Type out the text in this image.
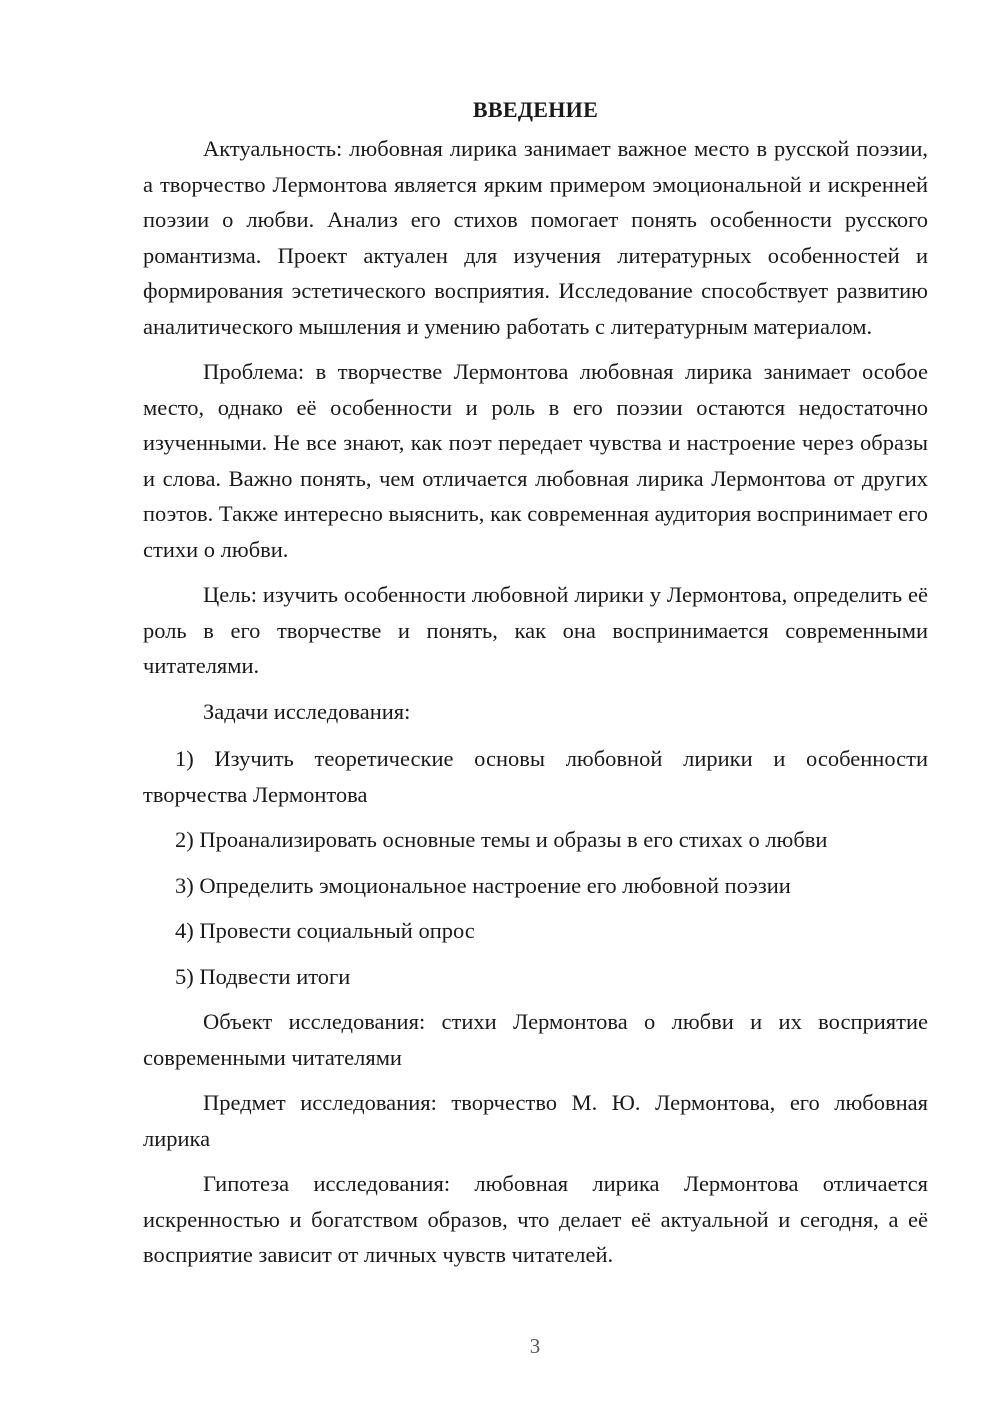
ВВЕДЕНИЕ

Актуальность: любовная лирика занимает важное место в русской поэзии, а творчество Лермонтова является ярким примером эмоциональной и искренней поэзии о любви. Анализ его стихов помогает понять особенности русского романтизма. Проект актуален для изучения литературных особенностей и формирования эстетического восприятия. Исследование способствует развитию аналитического мышления и умению работать с литературным материалом.

Проблема: в творчестве Лермонтова любовная лирика занимает особое место, однако её особенности и роль в его поэзии остаются недостаточно изученными. Не все знают, как поэт передает чувства и настроение через образы и слова. Важно понять, чем отличается любовная лирика Лермонтова от других поэтов. Также интересно выяснить, как современная аудитория воспринимает его стихи о любви.

Цель: изучить особенности любовной лирики у Лермонтова, определить её роль в его творчестве и понять, как она воспринимается современными читателями.

Задачи исследования:

1) Изучить теоретические основы любовной лирики и особенности творчества Лермонтова

2) Проанализировать основные темы и образы в его стихах о любви

3) Определить эмоциональное настроение его любовной поэзии

4) Провести социальный опрос

5) Подвести итоги

Объект исследования: стихи Лермонтова о любви и их восприятие современными читателями

Предмет исследования: творчество М. Ю. Лермонтова, его любовная лирика

Гипотеза исследования: любовная лирика Лермонтова отличается искренностью и богатством образов, что делает её актуальной и сегодня, а её восприятие зависит от личных чувств читателей.

3
